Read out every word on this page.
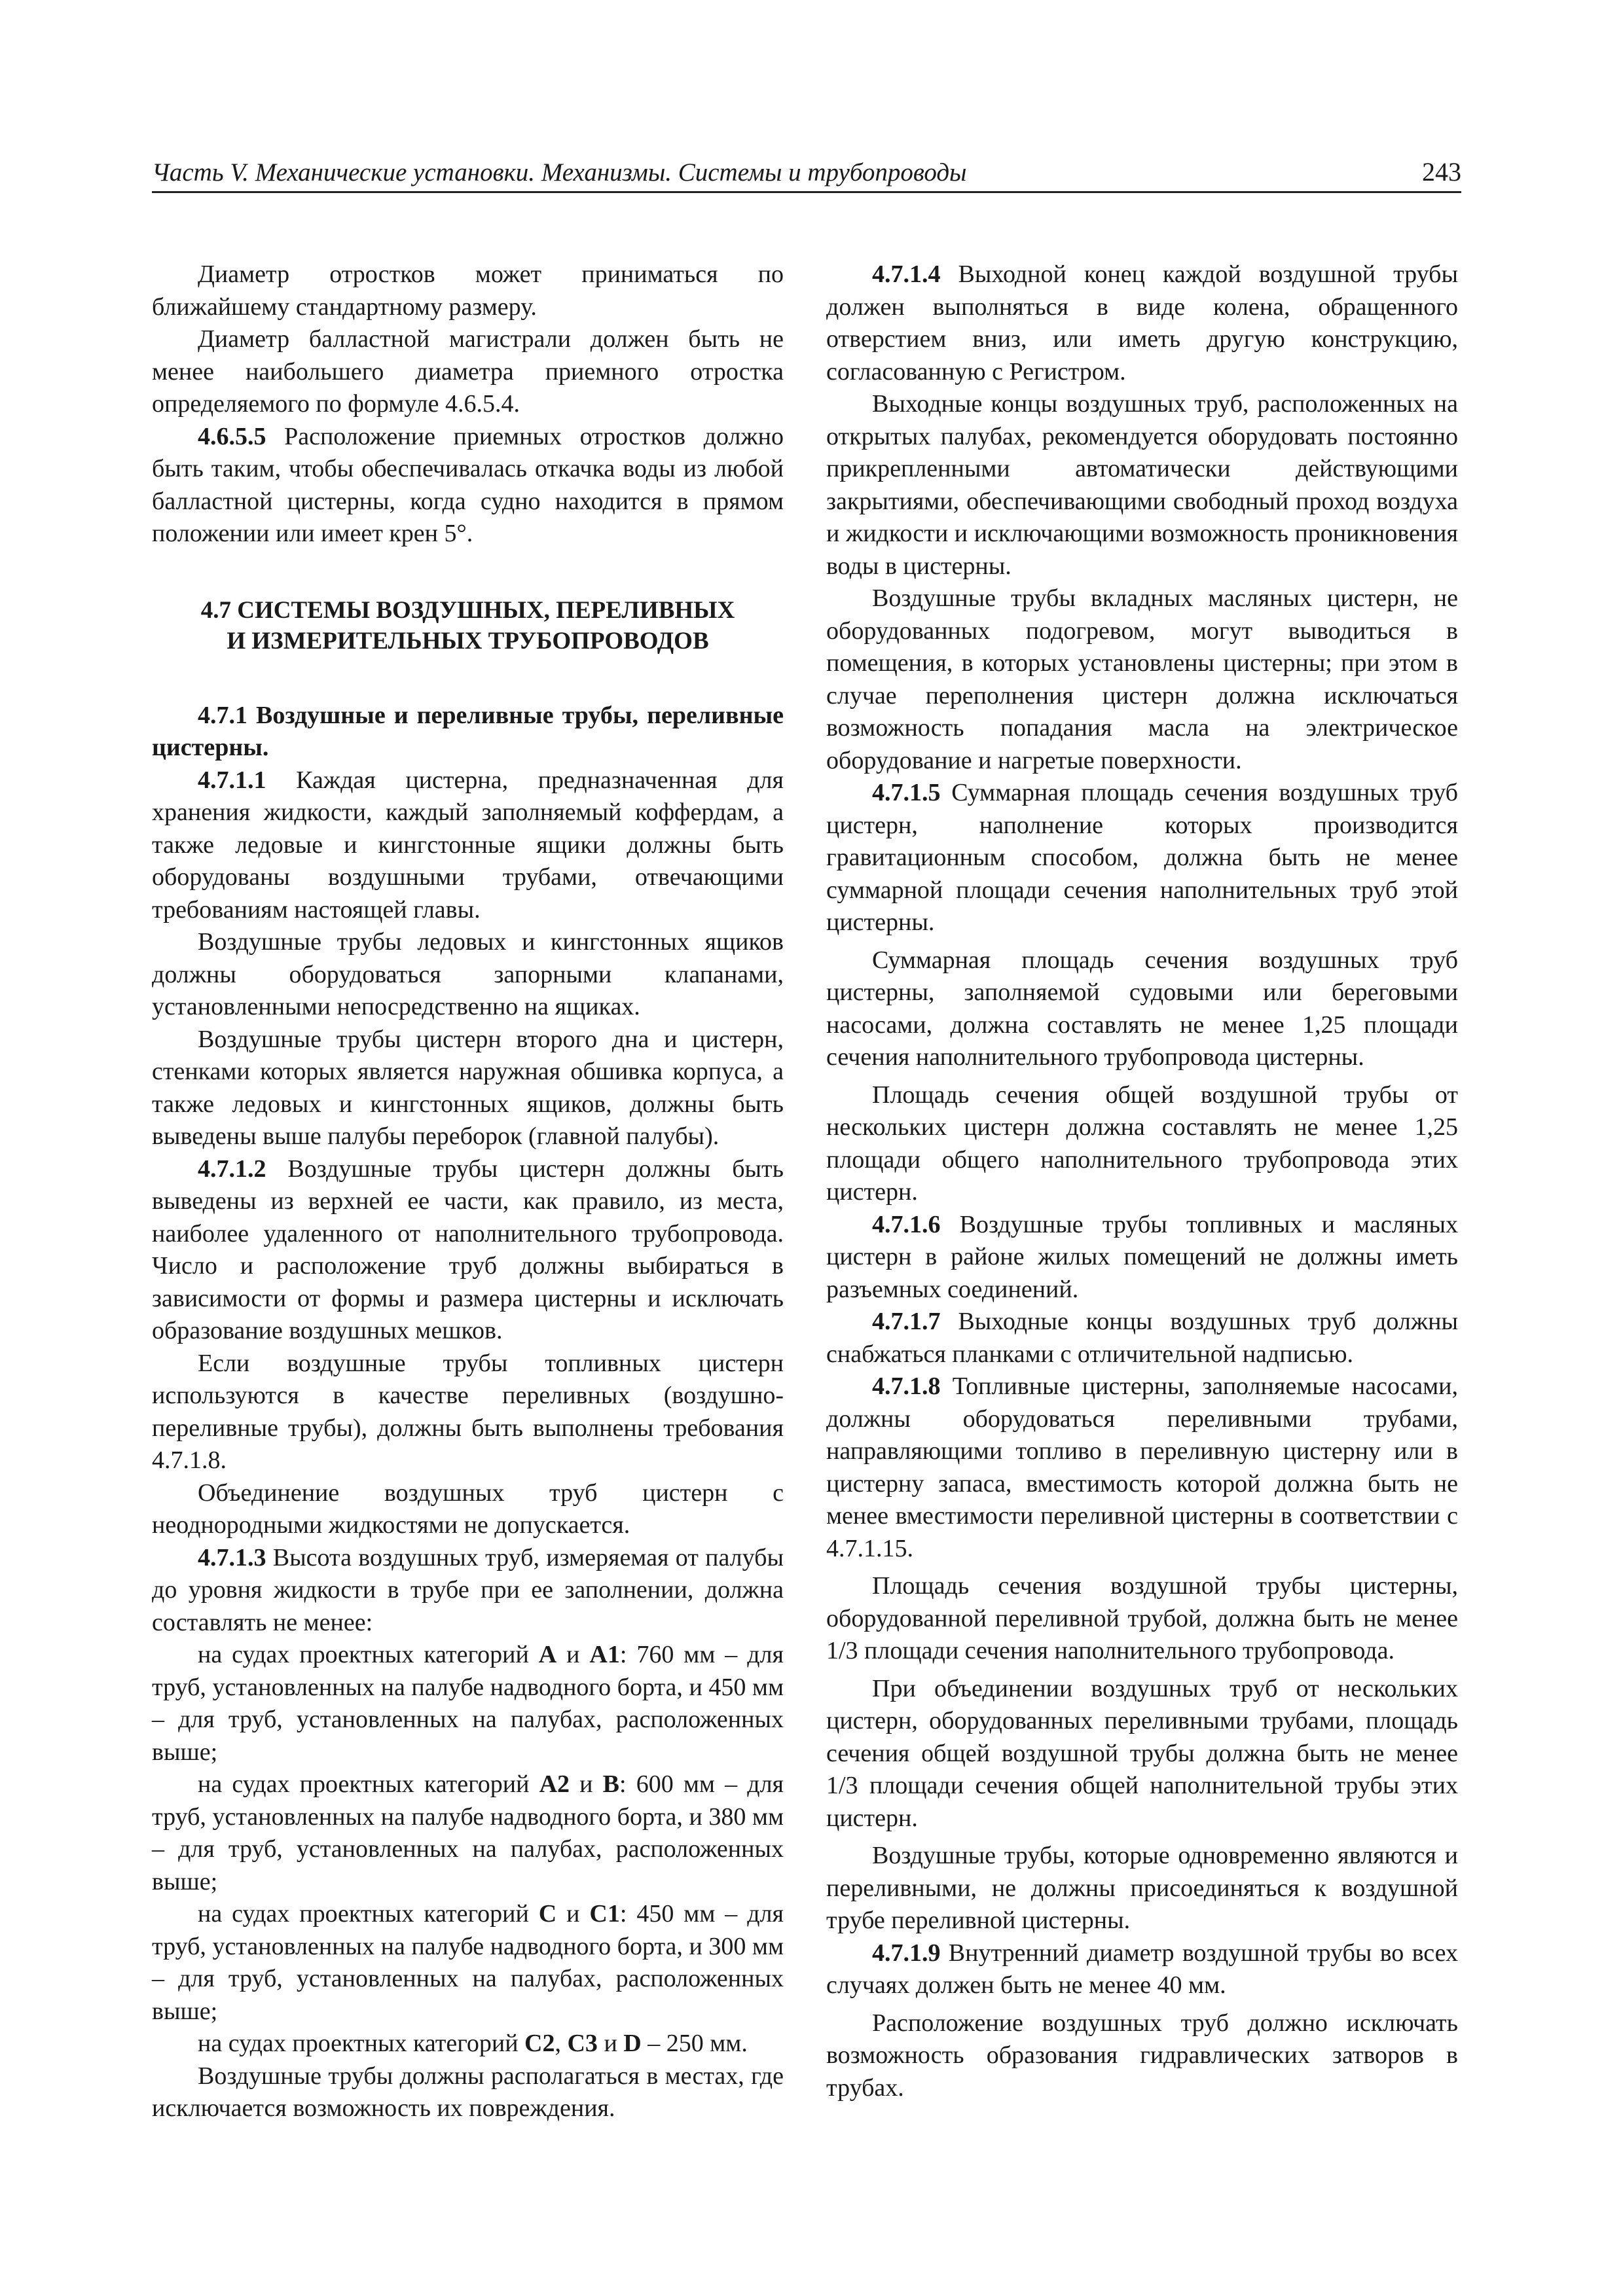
Часть V. Механические установки. Механизмы. Системы и трубопроводы	243

Диаметр отростков может приниматься по ближайшему стандартному размеру.

Диаметр балластной магистрали должен быть не менее наибольшего диаметра приемного отростка определяемого по формуле 4.6.5.4.

4.6.5.5 Расположение приемных отростков должно быть таким, чтобы обеспечивалась откачка воды из любой балластной цистерны, когда судно находится в прямом положении или имеет крен 5°.

4.7 СИСТЕМЫ ВОЗДУШНЫХ, ПЕРЕЛИВНЫХ
И ИЗМЕРИТЕЛЬНЫХ ТРУБОПРОВОДОВ

4.7.1 Воздушные и переливные трубы, переливные цистерны.

4.7.1.1 Каждая цистерна, предназначенная для хранения жидкости, каждый заполняемый коффердам, а также ледовые и кингстонные ящики должны быть оборудованы воздушными трубами, отвечающими требованиям настоящей главы.

Воздушные трубы ледовых и кингстонных ящиков должны оборудоваться запорными клапанами, установленными непосредственно на ящиках.

Воздушные трубы цистерн второго дна и цистерн, стенками которых является наружная обшивка корпуса, а также ледовых и кингстонных ящиков, должны быть выведены выше палубы переборок (главной палубы).

4.7.1.2 Воздушные трубы цистерн должны быть выведены из верхней ее части, как правило, из места, наиболее удаленного от наполнительного трубопровода. Число и расположение труб должны выбираться в зависимости от формы и размера цистерны и исключать образование воздушных мешков.

Если воздушные трубы топливных цистерн используются в качестве переливных (воздушно-переливные трубы), должны быть выполнены требования 4.7.1.8.

Объединение воздушных труб цистерн с неоднородными жидкостями не допускается.

4.7.1.3 Высота воздушных труб, измеряемая от палубы до уровня жидкости в трубе при ее заполнении, должна составлять не менее:

на судах проектных категорий А и А1: 760 мм – для труб, установленных на палубе надводного борта, и 450 мм – для труб, установленных на палубах, расположенных выше;

на судах проектных категорий А2 и В: 600 мм – для труб, установленных на палубе надводного борта, и 380 мм – для труб, установленных на палубах, расположенных выше;

на судах проектных категорий С и С1: 450 мм – для труб, установленных на палубе надводного борта, и 300 мм – для труб, установленных на палубах, расположенных выше;

на судах проектных категорий С2, С3 и D – 250 мм.

Воздушные трубы должны располагаться в местах, где исключается возможность их повреждения.

4.7.1.4 Выходной конец каждой воздушной трубы должен выполняться в виде колена, обращенного отверстием вниз, или иметь другую конструкцию, согласованную с Регистром.

Выходные концы воздушных труб, расположенных на открытых палубах, рекомендуется оборудовать постоянно прикрепленными автоматически действующими закрытиями, обеспечивающими свободный проход воздуха и жидкости и исключающими возможность проникновения воды в цистерны.

Воздушные трубы вкладных масляных цистерн, не оборудованных подогревом, могут выводиться в помещения, в которых установлены цистерны; при этом в случае переполнения цистерн должна исключаться возможность попадания масла на электрическое оборудование и нагретые поверхности.

4.7.1.5 Суммарная площадь сечения воздушных труб цистерн, наполнение которых производится гравитационным способом, должна быть не менее суммарной площади сечения наполнительных труб этой цистерны.

Суммарная площадь сечения воздушных труб цистерны, заполняемой судовыми или береговыми насосами, должна составлять не менее 1,25 площади сечения наполнительного трубопровода цистерны.

Площадь сечения общей воздушной трубы от нескольких цистерн должна составлять не менее 1,25 площади общего наполнительного трубопровода этих цистерн.

4.7.1.6 Воздушные трубы топливных и масляных цистерн в районе жилых помещений не должны иметь разъемных соединений.

4.7.1.7 Выходные концы воздушных труб должны снабжаться планками с отличительной надписью.

4.7.1.8 Топливные цистерны, заполняемые насосами, должны оборудоваться переливными трубами, направляющими топливо в переливную цистерну или в цистерну запаса, вместимость которой должна быть не менее вместимости переливной цистерны в соответствии с 4.7.1.15.

Площадь сечения воздушной трубы цистерны, оборудованной переливной трубой, должна быть не менее 1/3 площади сечения наполнительного трубопровода.

При объединении воздушных труб от нескольких цистерн, оборудованных переливными трубами, площадь сечения общей воздушной трубы должна быть не менее 1/3 площади сечения общей наполнительной трубы этих цистерн.

Воздушные трубы, которые одновременно являются и переливными, не должны присоединяться к воздушной трубе переливной цистерны.

4.7.1.9 Внутренний диаметр воздушной трубы во всех случаях должен быть не менее 40 мм.

Расположение воздушных труб должно исключать возможность образования гидравлических затворов в трубах.
